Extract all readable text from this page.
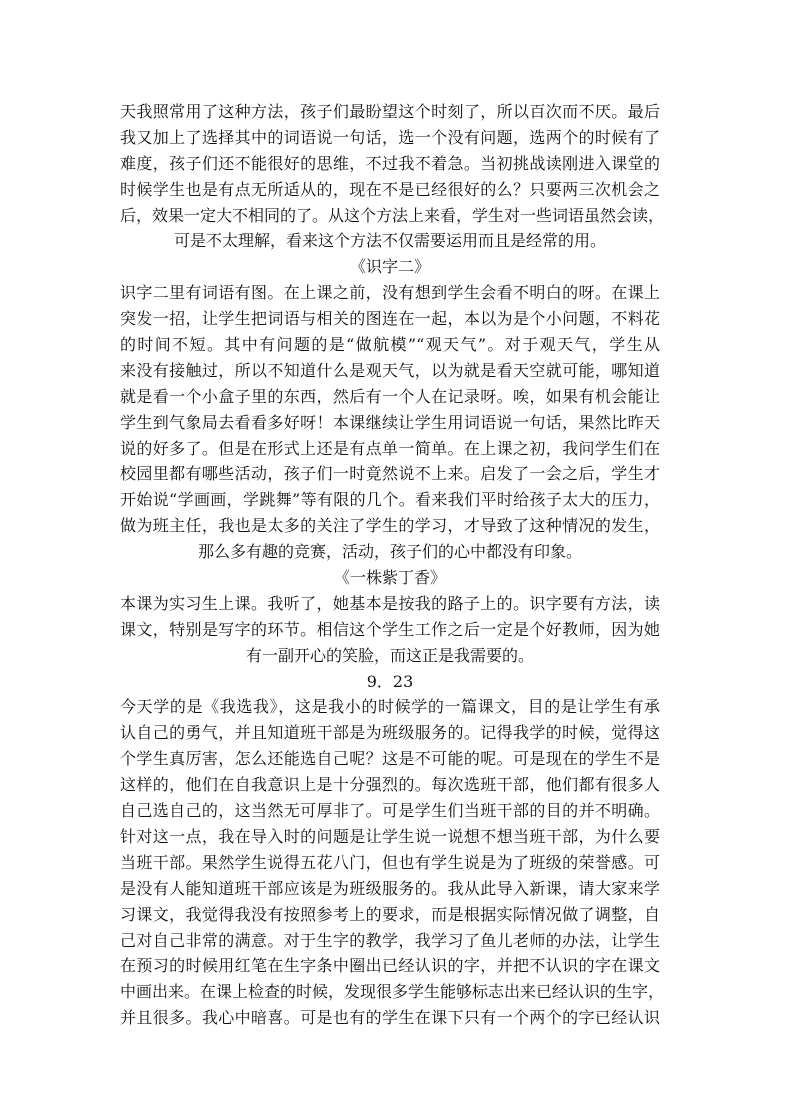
天我照常用了这种方法，孩子们最盼望这个时刻了，所以百次而不厌。最后
我又加上了选择其中的词语说一句话，选一个没有问题，选两个的时候有了
难度，孩子们还不能很好的思维，不过我不着急。当初挑战读刚进入课堂的
时候学生也是有点无所适从的，现在不是已经很好的么？只要两三次机会之
后，效果一定大不相同的了。从这个方法上来看，学生对一些词语虽然会读，
可是不太理解，看来这个方法不仅需要运用而且是经常的用。
《识字二》
识字二里有词语有图。在上课之前，没有想到学生会看不明白的呀。在课上
突发一招，让学生把词语与相关的图连在一起，本以为是个小问题，不料花
的时间不短。其中有问题的是“做航模”“观天气”。对于观天气，学生从
来没有接触过，所以不知道什么是观天气，以为就是看天空就可能，哪知道
就是看一个小盒子里的东西，然后有一个人在记录呀。唉，如果有机会能让
学生到气象局去看看多好呀！本课继续让学生用词语说一句话，果然比昨天
说的好多了。但是在形式上还是有点单一简单。在上课之初，我问学生们在
校园里都有哪些活动，孩子们一时竟然说不上来。启发了一会之后，学生才
开始说“学画画，学跳舞”等有限的几个。看来我们平时给孩子太大的压力，
做为班主任，我也是太多的关注了学生的学习，才导致了这种情况的发生，
那么多有趣的竞赛，活动，孩子们的心中都没有印象。
《一株紫丁香》
本课为实习生上课。我听了，她基本是按我的路子上的。识字要有方法，读
课文，特别是写字的环节。相信这个学生工作之后一定是个好教师，因为她
有一副开心的笑脸，而这正是我需要的。
9．23
今天学的是《我选我》，这是我小的时候学的一篇课文，目的是让学生有承
认自己的勇气，并且知道班干部是为班级服务的。记得我学的时候，觉得这
个学生真厉害，怎么还能选自己呢？这是不可能的呢。可是现在的学生不是
这样的，他们在自我意识上是十分强烈的。每次选班干部，他们都有很多人
自己选自己的，这当然无可厚非了。可是学生们当班干部的目的并不明确。
针对这一点，我在导入时的问题是让学生说一说想不想当班干部，为什么要
当班干部。果然学生说得五花八门，但也有学生说是为了班级的荣誉感。可
是没有人能知道班干部应该是为班级服务的。我从此导入新课，请大家来学
习课文，我觉得我没有按照参考上的要求，而是根据实际情况做了调整，自
己对自己非常的满意。对于生字的教学，我学习了鱼儿老师的办法，让学生
在预习的时候用红笔在生字条中圈出已经认识的字，并把不认识的字在课文
中画出来。在课上检查的时候，发现很多学生能够标志出来已经认识的生字，
并且很多。我心中暗喜。可是也有的学生在课下只有一个两个的字已经认识
